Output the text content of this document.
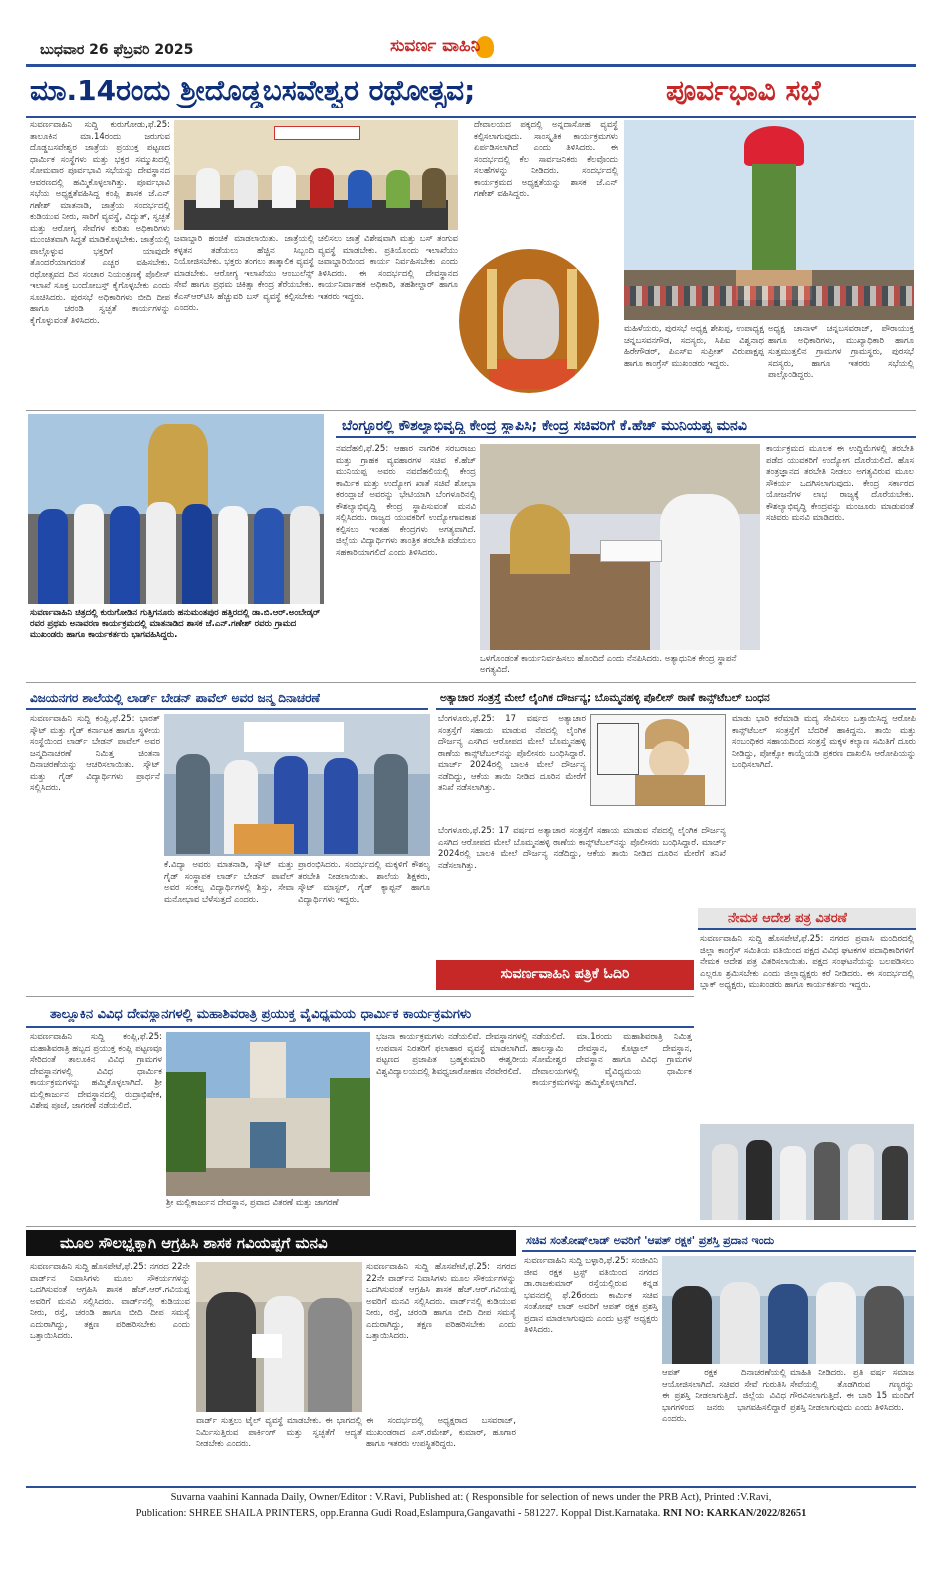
ಬುಧವಾರ 26 ಫೆಬ್ರವರಿ 2025	ಸುವರ್ಣ ವಾಹಿನಿ
ಮಾ.14ರಂದು ಶ್ರೀದೊಡ್ಡಬಸವೇಶ್ವರ ರಥೋತ್ಸವ;	ಪೂರ್ವಭಾವಿ ಸಭೆ
ಸುವರ್ಣವಾಹಿನಿ ಸುದ್ದಿ ಕುರುಗೋಡು,ಫೆ.25: ತಾಲೂಕಿನ ಮಾ.14ರಂದು ಜರುಗುವ ದೊಡ್ಡಬಸವೇಶ್ವರ ಜಾತ್ರೆಯ ಪ್ರಯುಕ್ತ ಪಟ್ಟಣದ ಧಾರ್ಮಿಕ ಸಂಸ್ಥೆಗಳು ಮತ್ತು ಭಕ್ತರ ಸಮ್ಮುಖದಲ್ಲಿ ಸೋಮವಾರ ಪೂರ್ವಭಾವಿ ಸಭೆಯನ್ನು ದೇವಸ್ಥಾನದ ಆವರಣದಲ್ಲಿ ಹಮ್ಮಿಕೊಳ್ಳಲಾಗಿತ್ತು. ಪೂರ್ವಭಾವಿ ಸಭೆಯ ಅಧ್ಯಕ್ಷತೆವಹಿಸಿದ್ದ ಕಂಪ್ಲಿ ಶಾಸಕ ಜೆ.ಎನ್ ಗಣೇಶ್ ಮಾತನಾಡಿ, ಜಾತ್ರೆಯ ಸಂದರ್ಭದಲ್ಲಿ ಕುಡಿಯುವ ನೀರು, ಸಾರಿಗೆ ವ್ಯವಸ್ಥೆ, ವಿದ್ಯುತ್, ಸ್ವಚ್ಛತೆ ಮತ್ತು ಆರೋಗ್ಯ ಸೇವೆಗಳ ಕುರಿತು ಅಧಿಕಾರಿಗಳು ಮುಂಚಿತವಾಗಿ ಸಿದ್ಧತೆ ಮಾಡಿಕೊಳ್ಳಬೇಕು. ಜಾತ್ರೆಯಲ್ಲಿ ಪಾಲ್ಗೊಳ್ಳುವ ಭಕ್ತರಿಗೆ ಯಾವುದೇ ತೊಂದರೆಯಾಗದಂತೆ ಎಚ್ಚರ ವಹಿಸಬೇಕು. ರಥೋತ್ಸವದ ದಿನ ಸಂಚಾರ ನಿಯಂತ್ರಣಕ್ಕೆ ಪೊಲೀಸ್ ಇಲಾಖೆ ಸೂಕ್ತ ಬಂದೋಬಸ್ತ್ ಕೈಗೊಳ್ಳಬೇಕು ಎಂದು ಸೂಚಿಸಿದರು. ಪುರಸಭೆ ಅಧಿಕಾರಿಗಳು ಬೀದಿ ದೀಪ ಹಾಗೂ ಚರಂಡಿ ಸ್ವಚ್ಛತೆ ಕಾರ್ಯಗಳನ್ನು ಕೈಗೊಳ್ಳುವಂತೆ ತಿಳಿಸಿದರು.
ಜವಾಬ್ದಾರಿ ಹಂಚಿಕೆ ಮಾಡಲಾಯಿತು. ಜಾತ್ರೆಯಲ್ಲಿ ಕಳ್ಳತನ ತಡೆಯಲು ಹೆಚ್ಚಿನ ಸಿಬ್ಬಂದಿ ನಿಯೋಜಿಸಬೇಕು. ಭಕ್ತರು ತಂಗಲು ತಾತ್ಕಾಲಿಕ ವ್ಯವಸ್ಥೆ ಮಾಡಬೇಕು. ಆರೋಗ್ಯ ಇಲಾಖೆಯು ಆಂಬುಲೆನ್ಸ್ ಸೇವೆ ಹಾಗೂ ಪ್ರಥಮ ಚಿಕಿತ್ಸಾ ಕೇಂದ್ರ ತೆರೆಯಬೇಕು. ಕೆಎಸ್‌ಆರ್‌ಟಿಸಿ ಹೆಚ್ಚುವರಿ ಬಸ್ ವ್ಯವಸ್ಥೆ ಕಲ್ಪಿಸಬೇಕು ಎಂದರು.
ಚಲಿಸಲು ಜಾತ್ರೆ ವಿಶೇಷವಾಗಿ ಮತ್ತು ಬಸ್ ತಂಗುವ ವ್ಯವಸ್ಥೆ ಮಾಡಬೇಕು. ಪ್ರತಿಯೊಂದು ಇಲಾಖೆಯು ಜವಾಬ್ದಾರಿಯಿಂದ ಕಾರ್ಯ ನಿರ್ವಹಿಸಬೇಕು ಎಂದು ತಿಳಿಸಿದರು. ಈ ಸಂದರ್ಭದಲ್ಲಿ ದೇವಸ್ಥಾನದ ಕಾರ್ಯನಿರ್ವಾಹಕ ಅಧಿಕಾರಿ, ತಹಶೀಲ್ದಾರ್ ಹಾಗೂ ಇತರರು ಇದ್ದರು.
ದೇವಾಲಯದ ಪಕ್ಕದಲ್ಲಿ ಅನ್ನದಾಸೋಹ ವ್ಯವಸ್ಥೆ ಕಲ್ಪಿಸಲಾಗುವುದು. ಸಾಂಸ್ಕೃತಿಕ ಕಾರ್ಯಕ್ರಮಗಳು ಏರ್ಪಡಿಸಲಾಗಿದೆ ಎಂದು ತಿಳಿಸಿದರು. ಈ ಸಂದರ್ಭದಲ್ಲಿ ಕೆಲ ಸಾರ್ವಜನಿಕರು ಕೆಲವೊಂದು ಸಲಹೆಗಳನ್ನು ನೀಡಿದರು. ಸಂದರ್ಭದಲ್ಲಿ ಕಾರ್ಯಕ್ರಮದ ಅಧ್ಯಕ್ಷತೆಯನ್ನು ಶಾಸಕ ಜೆ.ಎನ್ ಗಣೇಶ್ ವಹಿಸಿದ್ದರು.
ಮಹಿಳೆಯರು, ಪುರಸಭೆ ಅಧ್ಯಕ್ಷ ಶೇಖಪ್ಪ, ಉಪಾಧ್ಯಕ್ಷ ಚನ್ನಬಸವನಗೌಡ, ಸದಸ್ಯರು, ಸಿಪಿಐ ವಿಶ್ವನಾಥ ಹಿರೇಗೌಡರ್, ಪಿಎಸ್ಐ ಸುಪ್ರೀತ್ ವಿರುಪಾಕ್ಷಪ್ಪ ಹಾಗೂ ಕಾಂಗ್ರೆಸ್ ಮುಖಂಡರು ಇದ್ದರು.
ಅಧ್ಯಕ್ಷ ಚಾನಾಳ್ ಚನ್ನಬಸವರಾಜ್, ಪೌರಾಯುಕ್ತ ಹಾಗೂ ಅಧಿಕಾರಿಗಳು, ಮುಖ್ಯಾಧಿಕಾರಿ ಹಾಗೂ ಸುತ್ತಮುತ್ತಲಿನ ಗ್ರಾಮಗಳ ಗ್ರಾಮಸ್ಥರು, ಪುರಸಭೆ ಸದಸ್ಯರು, ಹಾಗೂ ಇತರರು ಸಭೆಯಲ್ಲಿ ಪಾಲ್ಗೊಂಡಿದ್ದರು.
ಸುವರ್ಣವಾಹಿನಿ ಚಿತ್ರದಲ್ಲಿ ಕುರುಗೋಡಿನ ಗುತ್ತಿಗನೂರು ಹನುಮಂತಪುರ ಹತ್ತಿರದಲ್ಲಿ ಡಾ.ಬಿ.ಆರ್.ಅಂಬೇಡ್ಕರ್ ರವರ ಪ್ರಥಮ ಅನಾವರಣ ಕಾರ್ಯಕ್ರಮದಲ್ಲಿ ಮಾತನಾಡಿದ ಶಾಸಕ ಜೆ.ಎನ್.ಗಣೇಶ್ ರವರು ಗ್ರಾಮದ ಮುಖಂಡರು ಹಾಗೂ ಕಾರ್ಯಕರ್ತರು ಭಾಗವಹಿಸಿದ್ದರು.
ಬೆಂಗ್ಳೂರಲ್ಲಿ ಕೌಶಲ್ಯಾಭಿವೃದ್ಧಿ ಕೇಂದ್ರ ಸ್ಥಾಪಿಸಿ; ಕೇಂದ್ರ ಸಚಿವರಿಗೆ ಕೆ.ಹೆಚ್ ಮುನಿಯಪ್ಪ ಮನವಿ
ನವದೆಹಲಿ,ಫೆ.25: ಆಹಾರ ನಾಗರಿಕ ಸರಬರಾಜು ಮತ್ತು ಗ್ರಾಹಕ ವ್ಯವಹಾರಗಳ ಸಚಿವ ಕೆ.ಹೆಚ್ ಮುನಿಯಪ್ಪ ಅವರು ನವದೆಹಲಿಯಲ್ಲಿ ಕೇಂದ್ರ ಕಾರ್ಮಿಕ ಮತ್ತು ಉದ್ಯೋಗ ಖಾತೆ ಸಚಿವೆ ಶೋಭಾ ಕರಂದ್ಲಾಜೆ ಅವರನ್ನು ಭೇಟಿಯಾಗಿ ಬೆಂಗಳೂರಿನಲ್ಲಿ ಕೌಶಲ್ಯಾಭಿವೃದ್ಧಿ ಕೇಂದ್ರ ಸ್ಥಾಪಿಸುವಂತೆ ಮನವಿ ಸಲ್ಲಿಸಿದರು. ರಾಜ್ಯದ ಯುವಕರಿಗೆ ಉದ್ಯೋಗಾವಕಾಶ ಕಲ್ಪಿಸಲು ಇಂತಹ ಕೇಂದ್ರಗಳು ಅಗತ್ಯವಾಗಿದೆ. ಜಿಲ್ಲೆಯ ವಿದ್ಯಾರ್ಥಿಗಳು ತಾಂತ್ರಿಕ ತರಬೇತಿ ಪಡೆಯಲು ಸಹಕಾರಿಯಾಗಲಿದೆ ಎಂದು ತಿಳಿಸಿದರು.
ಕಾರ್ಯಕ್ರಮದ ಮೂಲಕ ಈ ಉದ್ದಿಮೆಗಳಲ್ಲಿ ತರಬೇತಿ ಪಡೆದ ಯುವಕರಿಗೆ ಉದ್ಯೋಗ ದೊರೆಯಲಿದೆ. ಹೊಸ ತಂತ್ರಜ್ಞಾನದ ತರಬೇತಿ ನೀಡಲು ಅಗತ್ಯವಿರುವ ಮೂಲ ಸೌಕರ್ಯ ಒದಗಿಸಲಾಗುವುದು. ಕೇಂದ್ರ ಸರ್ಕಾರದ ಯೋಜನೆಗಳ ಲಾಭ ರಾಜ್ಯಕ್ಕೆ ದೊರೆಯಬೇಕು. ಕೌಶಲ್ಯಾಭಿವೃದ್ಧಿ ಕೇಂದ್ರವನ್ನು ಮಂಜೂರು ಮಾಡುವಂತೆ ಸಚಿವರು ಮನವಿ ಮಾಡಿದರು.
ಒಳಗೊಂಡಂತೆ ಕಾರ್ಯನಿರ್ವಹಿಸಲು ಹೊಂದಿದೆ ಎಂದು ನೆನಪಿಸಿದರು. ಅತ್ಯಾಧುನಿಕ ಕೇಂದ್ರ ಸ್ಥಾಪನೆ ಅಗತ್ಯವಿದೆ.
ವಿಜಯನಗರ ಶಾಲೆಯಲ್ಲಿ ಲಾರ್ಡ್ ಬೇಡನ್ ಪಾವೆಲ್ ಅವರ ಜನ್ಮ ದಿನಾಚರಣೆ
ಸುವರ್ಣವಾಹಿನಿ ಸುದ್ದಿ ಕಂಪ್ಲಿ,ಫೆ.25: ಭಾರತ್ ಸ್ಕೌಟ್ ಮತ್ತು ಗೈಡ್ ಕರ್ನಾಟಕ ಹಾಗೂ ಸ್ಥಳೀಯ ಸಂಸ್ಥೆಯಿಂದ ಲಾರ್ಡ್ ಬೇಡನ್ ಪಾವೆಲ್ ಅವರ ಜನ್ಮದಿನಾಚರಣೆ ನಿಮಿತ್ತ ಚಿಂತನಾ ದಿನಾಚರಣೆಯನ್ನು ಆಚರಿಸಲಾಯಿತು. ಸ್ಕೌಟ್ ಮತ್ತು ಗೈಡ್ ವಿದ್ಯಾರ್ಥಿಗಳು ಪ್ರಾರ್ಥನೆ ಸಲ್ಲಿಸಿದರು.
ಕೆ.ವಿದ್ಯಾ ಅವರು ಮಾತನಾಡಿ, ಸ್ಕೌಟ್ ಮತ್ತು ಗೈಡ್ ಸಂಸ್ಥಾಪಕ ಲಾರ್ಡ್ ಬೇಡನ್ ಪಾವೆಲ್ ಅವರ ಸಂಕಲ್ಪ ವಿದ್ಯಾರ್ಥಿಗಳಲ್ಲಿ ಶಿಸ್ತು, ಸೇವಾ ಮನೋಭಾವ ಬೆಳೆಸುತ್ತದೆ ಎಂದರು.
ಪ್ರಾರಂಭಿಸಿದರು. ಸಂದರ್ಭದಲ್ಲಿ ಮಕ್ಕಳಿಗೆ ಕೌಶಲ್ಯ ತರಬೇತಿ ನೀಡಲಾಯಿತು. ಶಾಲೆಯ ಶಿಕ್ಷಕರು, ಸ್ಕೌಟ್ ಮಾಸ್ಟರ್, ಗೈಡ್ ಕ್ಯಾಪ್ಟನ್ ಹಾಗೂ ವಿದ್ಯಾರ್ಥಿಗಳು ಇದ್ದರು.
ಅತ್ಯಾಚಾರ ಸಂತ್ರಸ್ತೆ ಮೇಲೆ ಲೈಂಗಿಕ ದೌರ್ಜನ್ಯ; ಬೊಮ್ಮನಹಳ್ಳಿ ಪೊಲೀಸ್ ಠಾಣೆ ಕಾನ್ಸ್‌ಟೆಬಲ್ ಬಂಧನ
ಬೆಂಗಳೂರು,ಫೆ.25: 17 ವರ್ಷದ ಅತ್ಯಾಚಾರ ಸಂತ್ರಸ್ತೆಗೆ ಸಹಾಯ ಮಾಡುವ ನೆಪದಲ್ಲಿ ಲೈಂಗಿಕ ದೌರ್ಜನ್ಯ ಎಸಗಿದ ಆರೋಪದ ಮೇಲೆ ಬೊಮ್ಮನಹಳ್ಳಿ ಠಾಣೆಯ ಕಾನ್ಸ್‌ಟೆಬಲ್‌ನನ್ನು ಪೊಲೀಸರು ಬಂಧಿಸಿದ್ದಾರೆ. ಮಾರ್ಚ್ 2024ರಲ್ಲಿ ಬಾಲಕಿ ಮೇಲೆ ದೌರ್ಜನ್ಯ ನಡೆದಿದ್ದು, ಆಕೆಯ ತಾಯಿ ನೀಡಿದ ದೂರಿನ ಮೇರೆಗೆ ತನಿಖೆ ನಡೆಸಲಾಗಿತ್ತು.
ಬೆಂಗಳೂರು,ಫೆ.25: 17 ವರ್ಷದ ಅತ್ಯಾಚಾರ ಸಂತ್ರಸ್ತೆಗೆ ಸಹಾಯ ಮಾಡುವ ನೆಪದಲ್ಲಿ ಲೈಂಗಿಕ ದೌರ್ಜನ್ಯ ಎಸಗಿದ ಆರೋಪದ ಮೇಲೆ ಬೊಮ್ಮನಹಳ್ಳಿ ಠಾಣೆಯ ಕಾನ್ಸ್‌ಟೆಬಲ್‌ನನ್ನು ಪೊಲೀಸರು ಬಂಧಿಸಿದ್ದಾರೆ. ಮಾರ್ಚ್ 2024ರಲ್ಲಿ ಬಾಲಕಿ ಮೇಲೆ ದೌರ್ಜನ್ಯ ನಡೆದಿದ್ದು, ಆಕೆಯ ತಾಯಿ ನೀಡಿದ ದೂರಿನ ಮೇರೆಗೆ ತನಿಖೆ ನಡೆಸಲಾಗಿತ್ತು.
ಮಾಡು ಭಾರಿ ಕರೆಮಾಡಿ ಮದ್ಯ ಸೇವಿಸಲು ಒತ್ತಾಯಿಸಿದ್ದ ಆರೋಪಿ ಕಾನ್ಸ್‌ಟೆಬಲ್ ಸಂತ್ರಸ್ತೆಗೆ ಬೆದರಿಕೆ ಹಾಕಿದ್ದನು. ತಾಯಿ ಮತ್ತು ಸಂಬಂಧಿಕರ ಸಹಾಯದಿಂದ ಸಂತ್ರಸ್ತೆ ಮಕ್ಕಳ ಕಲ್ಯಾಣ ಸಮಿತಿಗೆ ದೂರು ನೀಡಿದ್ದು, ಪೋಕ್ಸೋ ಕಾಯ್ದೆಯಡಿ ಪ್ರಕರಣ ದಾಖಲಿಸಿ ಆರೋಪಿಯನ್ನು ಬಂಧಿಸಲಾಗಿದೆ.
ಸುವರ್ಣವಾಹಿನಿ ಪತ್ರಿಕೆ ಓದಿರಿ
ನೇಮಕ ಆದೇಶ ಪತ್ರ ವಿತರಣೆ
ಸುವರ್ಣವಾಹಿನಿ ಸುದ್ದಿ ಹೊಸಪೇಟೆ,ಫೆ.25: ನಗರದ ಪ್ರವಾಸಿ ಮಂದಿರದಲ್ಲಿ ಜಿಲ್ಲಾ ಕಾಂಗ್ರೆಸ್ ಸಮಿತಿಯ ವತಿಯಿಂದ ಪಕ್ಷದ ವಿವಿಧ ಘಟಕಗಳ ಪದಾಧಿಕಾರಿಗಳಿಗೆ ನೇಮಕ ಆದೇಶ ಪತ್ರ ವಿತರಿಸಲಾಯಿತು. ಪಕ್ಷದ ಸಂಘಟನೆಯನ್ನು ಬಲಪಡಿಸಲು ಎಲ್ಲರೂ ಶ್ರಮಿಸಬೇಕು ಎಂದು ಜಿಲ್ಲಾಧ್ಯಕ್ಷರು ಕರೆ ನೀಡಿದರು. ಈ ಸಂದರ್ಭದಲ್ಲಿ ಬ್ಲಾಕ್ ಅಧ್ಯಕ್ಷರು, ಮುಖಂಡರು ಹಾಗೂ ಕಾರ್ಯಕರ್ತರು ಇದ್ದರು.
ತಾಲ್ಲೂಕಿನ ವಿವಿಧ ದೇವಸ್ಥಾನಗಳಲ್ಲಿ ಮಹಾಶಿವರಾತ್ರಿ ಪ್ರಯುಕ್ತ ವೈವಿಧ್ಯಮಯ ಧಾರ್ಮಿಕ ಕಾರ್ಯಕ್ರಮಗಳು
ಸುವರ್ಣವಾಹಿನಿ ಸುದ್ದಿ ಕಂಪ್ಲಿ,ಫೆ.25: ಮಹಾಶಿವರಾತ್ರಿ ಹಬ್ಬದ ಪ್ರಯುಕ್ತ ಕಂಪ್ಲಿ ಪಟ್ಟಣವೂ ಸೇರಿದಂತೆ ತಾಲೂಕಿನ ವಿವಿಧ ಗ್ರಾಮಗಳ ದೇವಸ್ಥಾನಗಳಲ್ಲಿ ವಿವಿಧ ಧಾರ್ಮಿಕ ಕಾರ್ಯಕ್ರಮಗಳನ್ನು ಹಮ್ಮಿಕೊಳ್ಳಲಾಗಿದೆ. ಶ್ರೀ ಮಲ್ಲಿಕಾರ್ಜುನ ದೇವಸ್ಥಾನದಲ್ಲಿ ರುದ್ರಾಭಿಷೇಕ, ವಿಶೇಷ ಪೂಜೆ, ಜಾಗರಣೆ ನಡೆಯಲಿದೆ.
ಶ್ರೀ ಮಲ್ಲಿಕಾರ್ಜುನ ದೇವಸ್ಥಾನ, ಪ್ರವಾದ ವಿತರಣೆ ಮತ್ತು ಜಾಗರಣೆ
ಭಜನಾ ಕಾರ್ಯಕ್ರಮಗಳು ನಡೆಯಲಿವೆ. ದೇವಸ್ಥಾನಗಳಲ್ಲಿ ಉಪವಾಸ ನಿರತರಿಗೆ ಫಲಾಹಾರ ವ್ಯವಸ್ಥೆ ಮಾಡಲಾಗಿದೆ. ಪಟ್ಟಣದ ಪ್ರಜಾಪಿತ ಬ್ರಹ್ಮಕುಮಾರಿ ಈಶ್ವರೀಯ ವಿಶ್ವವಿದ್ಯಾಲಯದಲ್ಲಿ ಶಿವಧ್ವಜಾರೋಹಣ ನೆರವೇರಲಿದೆ.
ನಡೆಯಲಿದೆ. ಮಾ.1ರಂದು ಮಹಾಶಿವರಾತ್ರಿ ನಿಮಿತ್ತ ಹಾಲಸ್ವಾಮಿ ದೇವಸ್ಥಾನ, ಕೊಟ್ಟಾಲ್ ದೇವಸ್ಥಾನ, ಸೋಮೇಶ್ವರ ದೇವಸ್ಥಾನ ಹಾಗೂ ವಿವಿಧ ಗ್ರಾಮಗಳ ದೇವಾಲಯಗಳಲ್ಲಿ ವೈವಿಧ್ಯಮಯ ಧಾರ್ಮಿಕ ಕಾರ್ಯಕ್ರಮಗಳನ್ನು ಹಮ್ಮಿಕೊಳ್ಳಲಾಗಿದೆ.
ಮೂಲ ಸೌಲಭ್ಯಕ್ಕಾಗಿ ಆಗ್ರಹಿಸಿ ಶಾಸಕ ಗವಿಯಪ್ಪಗೆ ಮನವಿ
ಸುವರ್ಣವಾಹಿನಿ ಸುದ್ದಿ ಹೊಸಪೇಟೆ,ಫೆ.25: ನಗರದ 22ನೇ ವಾರ್ಡ್‌ನ ನಿವಾಸಿಗಳು ಮೂಲ ಸೌಕರ್ಯಗಳನ್ನು ಒದಗಿಸುವಂತೆ ಆಗ್ರಹಿಸಿ ಶಾಸಕ ಹೆಚ್.ಆರ್.ಗವಿಯಪ್ಪ ಅವರಿಗೆ ಮನವಿ ಸಲ್ಲಿಸಿದರು. ವಾರ್ಡ್‌ನಲ್ಲಿ ಕುಡಿಯುವ ನೀರು, ರಸ್ತೆ, ಚರಂಡಿ ಹಾಗೂ ಬೀದಿ ದೀಪ ಸಮಸ್ಯೆ ಎದುರಾಗಿದ್ದು, ತಕ್ಷಣ ಪರಿಹರಿಸಬೇಕು ಎಂದು ಒತ್ತಾಯಿಸಿದರು.
ವಾರ್ಡ್ ಸುತ್ತಲು ಟೈಲ್ ವ್ಯವಸ್ಥೆ ಮಾಡಬೇಕು. ಈ ಭಾಗದಲ್ಲಿ ನಿರ್ಮಿಸುತ್ತಿರುವ ಪಾರ್ಕಿಂಗ್ ಮತ್ತು ಸ್ವಚ್ಛತೆಗೆ ಆದ್ಯತೆ ನೀಡಬೇಕು ಎಂದರು.
ಈ ಸಂದರ್ಭದಲ್ಲಿ ಅಧ್ಯಕ್ಷರಾದ ಬಸವರಾಜ್, ಮುಖಂಡರಾದ ಎಸ್.ರಮೇಶ್, ಕುಮಾರ್, ಹೂಗಾರ ಹಾಗೂ ಇತರರು ಉಪಸ್ಥಿತರಿದ್ದರು.
ಸುವರ್ಣವಾಹಿನಿ ಸುದ್ದಿ ಹೊಸಪೇಟೆ,ಫೆ.25: ನಗರದ 22ನೇ ವಾರ್ಡ್‌ನ ನಿವಾಸಿಗಳು ಮೂಲ ಸೌಕರ್ಯಗಳನ್ನು ಒದಗಿಸುವಂತೆ ಆಗ್ರಹಿಸಿ ಶಾಸಕ ಹೆಚ್.ಆರ್.ಗವಿಯಪ್ಪ ಅವರಿಗೆ ಮನವಿ ಸಲ್ಲಿಸಿದರು. ವಾರ್ಡ್‌ನಲ್ಲಿ ಕುಡಿಯುವ ನೀರು, ರಸ್ತೆ, ಚರಂಡಿ ಹಾಗೂ ಬೀದಿ ದೀಪ ಸಮಸ್ಯೆ ಎದುರಾಗಿದ್ದು, ತಕ್ಷಣ ಪರಿಹರಿಸಬೇಕು ಎಂದು ಒತ್ತಾಯಿಸಿದರು.
ಸಚಿವ ಸಂತೋಷ್‌ಲಾಡ್ ಅವರಿಗೆ 'ಆಪತ್ ರಕ್ಷಕ' ಪ್ರಶಸ್ತಿ ಪ್ರದಾನ ಇಂದು
ಸುವರ್ಣವಾಹಿನಿ ಸುದ್ದಿ ಬಳ್ಳಾರಿ,ಫೆ.25: ಸಂಜೀವಿನಿ ಜೀವ ರಕ್ಷಕ ಟ್ರಸ್ಟ್ ವತಿಯಿಂದ ನಗರದ ಡಾ.ರಾಜಕುಮಾರ್ ರಸ್ತೆಯಲ್ಲಿರುವ ಕನ್ನಡ ಭವನದಲ್ಲಿ ಫೆ.26ರಂದು ಕಾರ್ಮಿಕ ಸಚಿವ ಸಂತೋಷ್ ಲಾಡ್ ಅವರಿಗೆ ಆಪತ್ ರಕ್ಷಕ ಪ್ರಶಸ್ತಿ ಪ್ರದಾನ ಮಾಡಲಾಗುವುದು ಎಂದು ಟ್ರಸ್ಟ್ ಅಧ್ಯಕ್ಷರು ತಿಳಿಸಿದರು.
ಆಪತ್ ರಕ್ಷಕ ದಿನಾಚರಣೆಯಲ್ಲಿ ಆಯೋಜಿಸಲಾಗಿದೆ. ಸಚಿವರ ಸೇವೆ ಗುರುತಿಸಿ ಈ ಪ್ರಶಸ್ತಿ ನೀಡಲಾಗುತ್ತಿದೆ. ಜಿಲ್ಲೆಯ ವಿವಿಧ ಭಾಗಗಳಿಂದ ಜನರು ಭಾಗವಹಿಸಲಿದ್ದಾರೆ ಎಂದರು.
ಮಾಹಿತಿ ನೀಡಿದರು. ಪ್ರತಿ ವರ್ಷ ಸಮಾಜ ಸೇವೆಯಲ್ಲಿ ತೊಡಗಿರುವ ಗಣ್ಯರನ್ನು ಗೌರವಿಸಲಾಗುತ್ತಿದೆ. ಈ ಬಾರಿ 15 ಮಂದಿಗೆ ಪ್ರಶಸ್ತಿ ನೀಡಲಾಗುವುದು ಎಂದು ತಿಳಿಸಿದರು.
Suvarna vaahini Kannada Daily, Owner/Editor : V.Ravi, Published at: ( Responsible for selection of news under the PRB Act), Printed :V.Ravi,
Publication: SHREE SHAILA PRINTERS, opp.Eranna Gudi Road,Eslampura,Gangavathi - 581227. Koppal Dist.Karnataka. RNI NO: KARKAN/2022/82651
